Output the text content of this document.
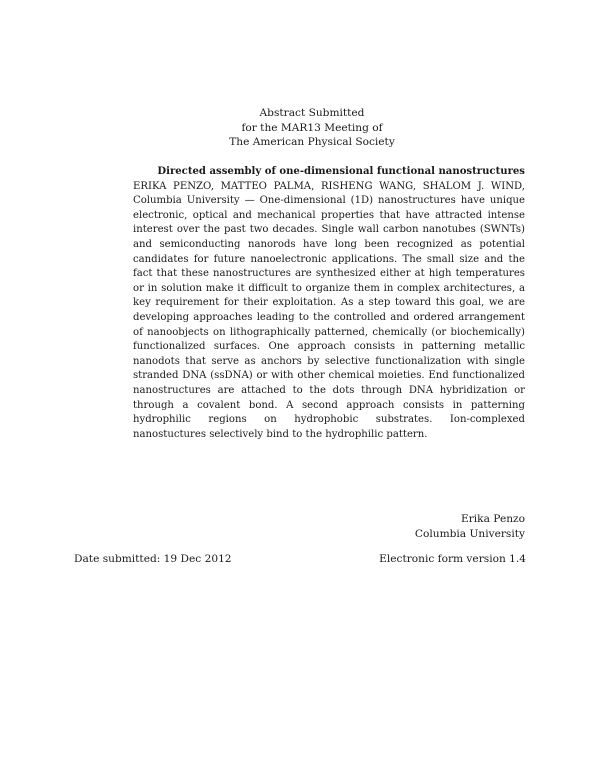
Abstract Submitted
for the MAR13 Meeting of
The American Physical Society
Directed assembly of one-dimensional functional nanostructures
ERIKA PENZO, MATTEO PALMA, RISHENG WANG, SHALOM J. WIND, Columbia University — One-dimensional (1D) nanostructures have unique electronic, optical and mechanical properties that have attracted intense interest over the past two decades. Single wall carbon nanotubes (SWNTs) and semiconducting nanorods have long been recognized as potential candidates for future nanoelectronic applications. The small size and the fact that these nanostructures are synthesized either at high temperatures or in solution make it difficult to organize them in complex architectures, a key requirement for their exploitation. As a step toward this goal, we are developing approaches leading to the controlled and ordered arrangement of nanoobjects on lithographically patterned, chemically (or biochemically) functionalized surfaces. One approach consists in patterning metallic nanodots that serve as anchors by selective functionalization with single stranded DNA (ssDNA) or with other chemical moieties. End functionalized nanostructures are attached to the dots through DNA hybridization or through a covalent bond. A second approach consists in patterning hydrophilic regions on hydrophobic substrates. Ion-complexed nanostuctures selectively bind to the hydrophilic pattern.
Erika Penzo
Columbia University
Date submitted: 19 Dec 2012	Electronic form version 1.4
